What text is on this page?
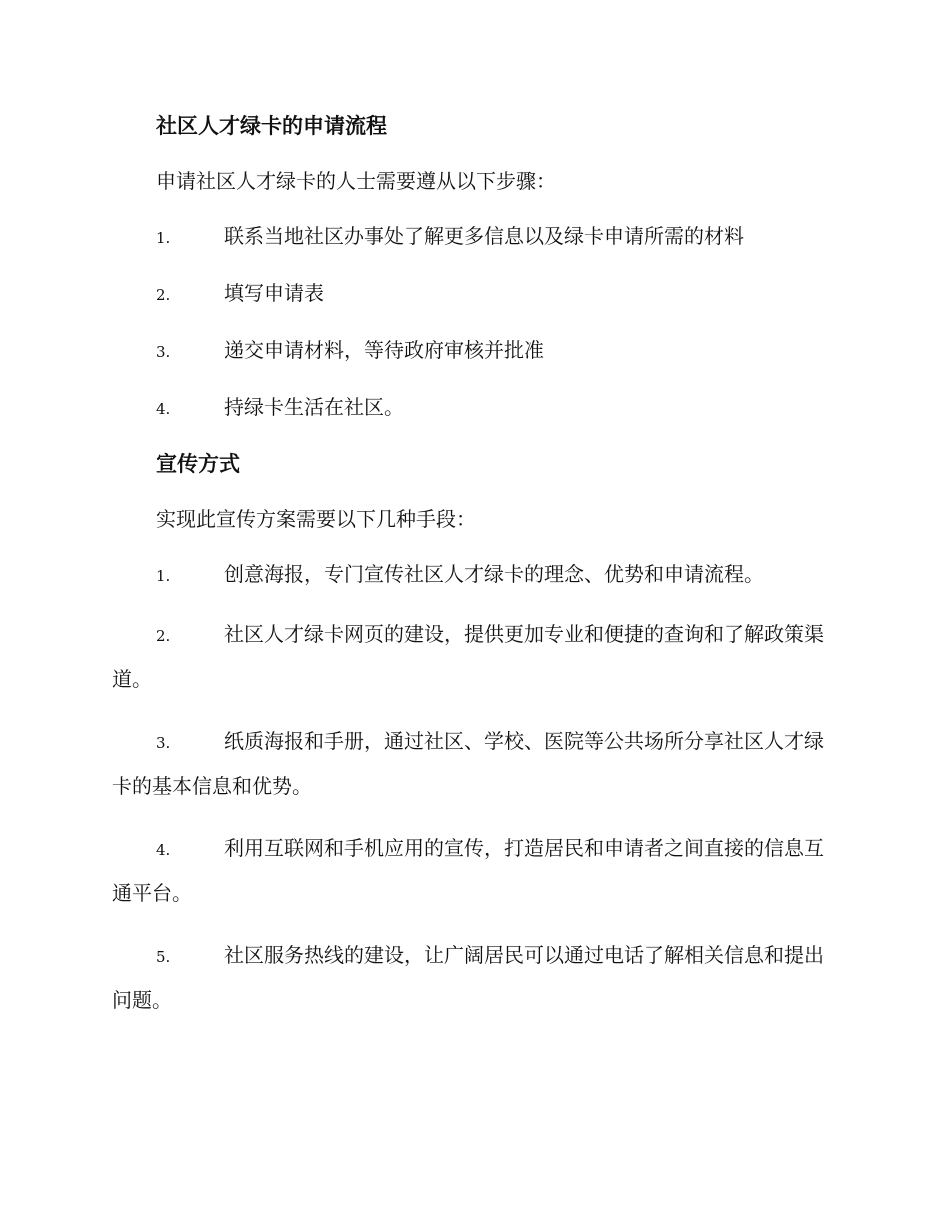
社区人才绿卡的申请流程

申请社区人才绿卡的人士需要遵从以下步骤：

1.	联系当地社区办事处了解更多信息以及绿卡申请所需的材料
2.	填写申请表
3.	递交申请材料，等待政府审核并批准
4.	持绿卡生活在社区。
宣传方式

实现此宣传方案需要以下几种手段：

1.	创意海报，专门宣传社区人才绿卡的理念、优势和申请流程。
2.	社区人才绿卡网页的建设，提供更加专业和便捷的查询和了解政策渠道。
3.	纸质海报和手册，通过社区、学校、医院等公共场所分享社区人才绿卡的基本信息和优势。
4.	利用互联网和手机应用的宣传，打造居民和申请者之间直接的信息互通平台。
5.	社区服务热线的建设，让广阔居民可以通过电话了解相关信息和提出问题。
